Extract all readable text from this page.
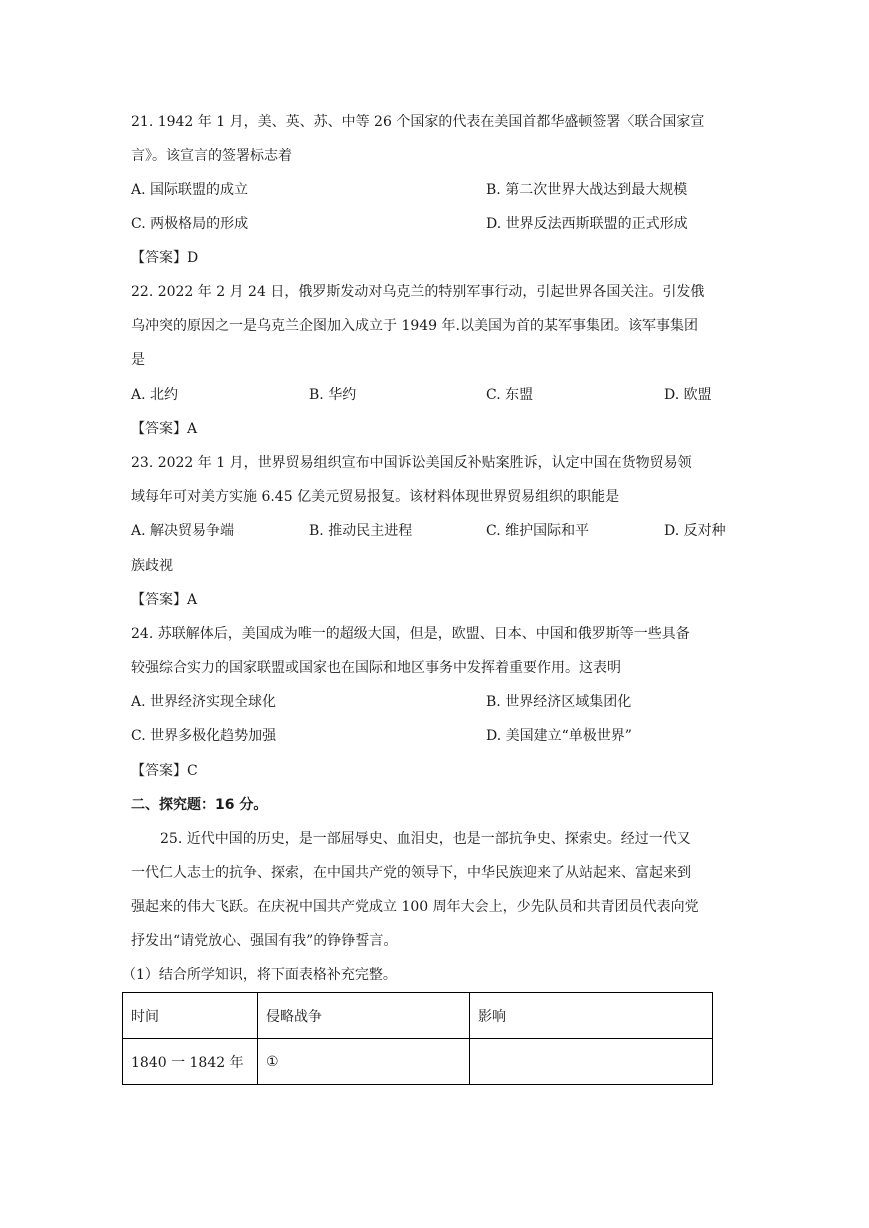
21. 1942 年 1 月，美、英、苏、中等 26 个国家的代表在美国首都华盛顿签署〈联合国家宣
言》。该宣言的签署标志着
A. 国际联盟的成立	B. 第二次世界大战达到最大规模
C. 两极格局的形成	D. 世界反法西斯联盟的正式形成
【答案】D
22. 2022 年 2 月 24 日，俄罗斯发动对乌克兰的特别军事行动，引起世界各国关注。引发俄
乌冲突的原因之一是乌克兰企图加入成立于 1949 年.以美国为首的某军事集团。该军事集团
是
A. 北约	B. 华约	C. 东盟	D. 欧盟
【答案】A
23. 2022 年 1 月，世界贸易组织宣布中国诉讼美国反补贴案胜诉，认定中国在货物贸易领
域每年可对美方实施 6.45 亿美元贸易报复。该材料体现世界贸易组织的职能是
A. 解决贸易争端	B. 推动民主进程	C. 维护国际和平	D. 反对种
族歧视
【答案】A
24. 苏联解体后，美国成为唯一的超级大国，但是，欧盟、日本、中国和俄罗斯等一些具备
较强综合实力的国家联盟或国家也在国际和地区事务中发挥着重要作用。这表明
A. 世界经济实现全球化	B. 世界经济区域集团化
C. 世界多极化趋势加强	D. 美国建立“单极世界”
【答案】C
二、探究题：16 分。
25. 近代中国的历史，是一部屈辱史、血泪史，也是一部抗争史、探索史。经过一代又
一代仁人志士的抗争、探索，在中国共产党的领导下，中华民族迎来了从站起来、富起来到
强起来的伟大飞跃。在庆祝中国共产党成立 100 周年大会上，少先队员和共青团员代表向党
抒发出“请党放心、强国有我”的铮铮誓言。
（1）结合所学知识，将下面表格补充完整。
时间	侵略战争	影响
1840 一 1842 年	①	
